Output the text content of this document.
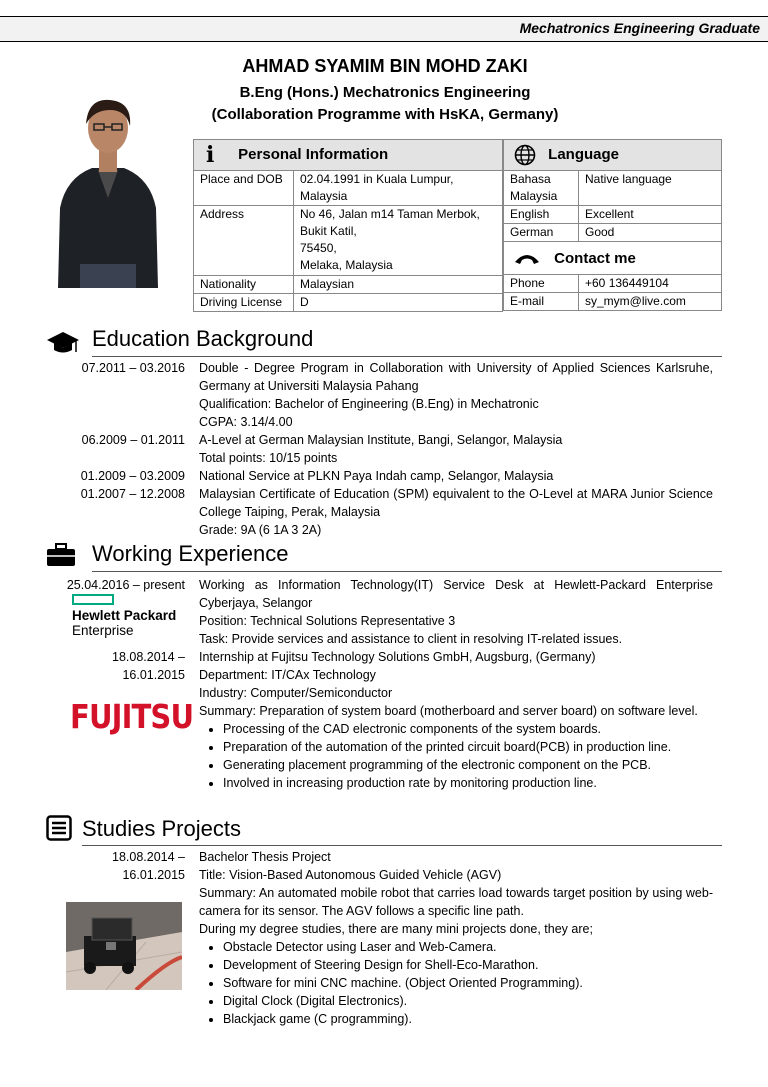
Mechatronics Engineering Graduate
AHMAD SYAMIM BIN MOHD ZAKI
B.Eng (Hons.) Mechatronics Engineering
(Collaboration Programme with HsKA, Germany)
i Personal Information	
Place and DOB	02.04.1991 in Kuala Lumpur, Malaysia
Address	No 46, Jalan m14 Taman Merbok, Bukit Katil,
75450,
Melaka, Malaysia

Nationality	Malaysian
Driving License	D
Language	
Bahasa Malaysia	Native language
English	Excellent
German	Good
Contact me	
Phone	+60 136449104
E-mail	sy_mym@live.com
Education Background
07.2011 – 03.2016 Double - Degree Program in Collaboration with University of Applied Sciences Karlsruhe, Germany at Universiti Malaysia Pahang
Qualification: Bachelor of Engineering (B.Eng) in Mechatronic
CGPA: 3.14/4.00
06.2009 – 01.2011 A-Level at German Malaysian Institute, Bangi, Selangor, Malaysia
Total points: 10/15 points
01.2009 – 03.2009 National Service at PLKN Paya Indah camp, Selangor, Malaysia
01.2007 – 12.2008 Malaysian Certificate of Education (SPM) equivalent to the O-Level at MARA Junior Science College Taiping, Perak, Malaysia
Grade: 9A (6 1A 3 2A)
Working Experience
25.04.2016 – present
Hewlett Packard
Enterprise
Working as Information Technology(IT) Service Desk at Hewlett-Packard Enterprise Cyberjaya, Selangor
Position: Technical Solutions Representative 3
Task: Provide services and assistance to client in resolving IT-related issues.
18.08.2014 –
16.01.2015
FUJITSU
Internship at Fujitsu Technology Solutions GmbH, Augsburg, (Germany)
Department: IT/CAx Technology
Industry: Computer/Semiconductor
Summary: Preparation of system board (motherboard and server board) on software level.
• Processing of the CAD electronic components of the system boards.
• Preparation of the automation of the printed circuit board(PCB) in production line.
• Generating placement programming of the electronic component on the PCB.
• Involved in increasing production rate by monitoring production line.
Studies Projects
18.08.2014 –
16.01.2015
Bachelor Thesis Project
Title: Vision-Based Autonomous Guided Vehicle (AGV)
Summary: An automated mobile robot that carries load towards target position by using web-camera for its sensor. The AGV follows a specific line path.
During my degree studies, there are many mini projects done, they are;
• Obstacle Detector using Laser and Web-Camera.
• Development of Steering Design for Shell-Eco-Marathon.
• Software for mini CNC machine. (Object Oriented Programming).
• Digital Clock (Digital Electronics).
• Blackjack game (C programming).
